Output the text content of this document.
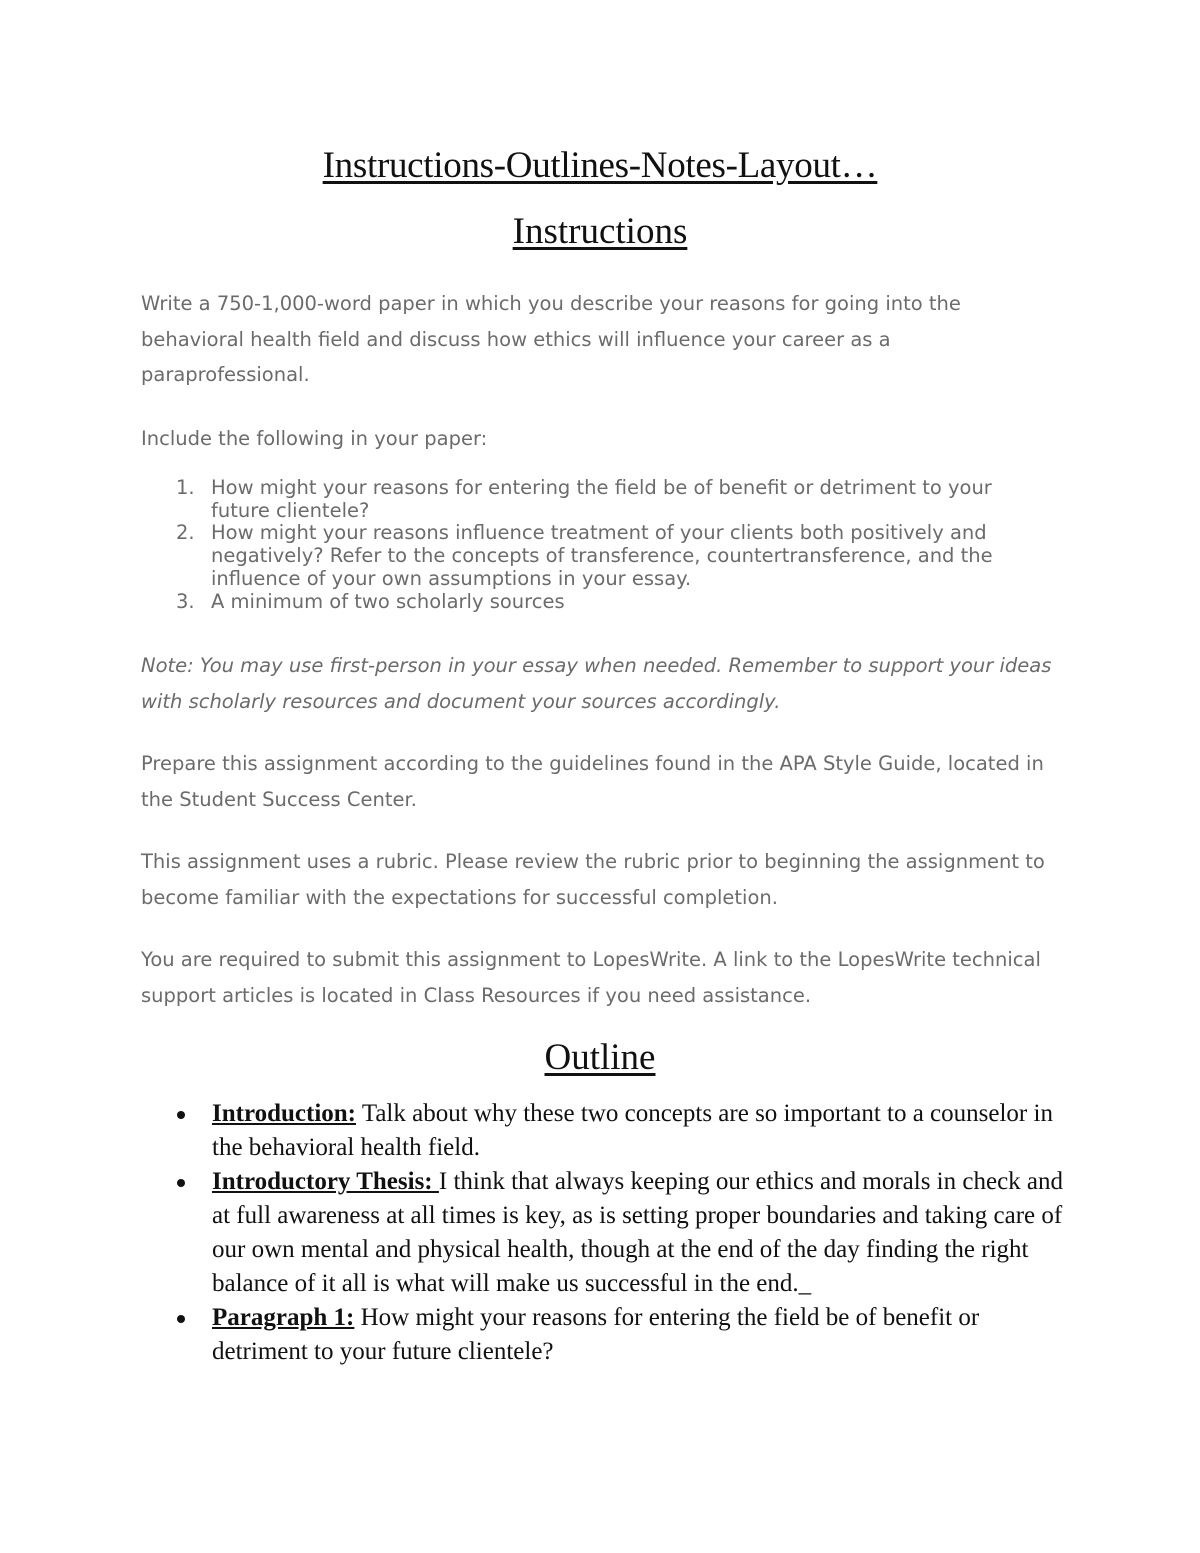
Instructions-Outlines-Notes-Layout…
Instructions

Write a 750-1,000-word paper in which you describe your reasons for going into the behavioral health field and discuss how ethics will influence your career as a paraprofessional.

Include the following in your paper:

1. How might your reasons for entering the field be of benefit or detriment to your future clientele?
2. How might your reasons influence treatment of your clients both positively and negatively? Refer to the concepts of transference, countertransference, and the influence of your own assumptions in your essay.
3. A minimum of two scholarly sources

Note: You may use first-person in your essay when needed. Remember to support your ideas with scholarly resources and document your sources accordingly.

Prepare this assignment according to the guidelines found in the APA Style Guide, located in the Student Success Center.

This assignment uses a rubric. Please review the rubric prior to beginning the assignment to become familiar with the expectations for successful completion.

You are required to submit this assignment to LopesWrite. A link to the LopesWrite technical support articles is located in Class Resources if you need assistance.

Outline
Introduction: Talk about why these two concepts are so important to a counselor in the behavioral health field.
Introductory Thesis: I think that always keeping our ethics and morals in check and at full awareness at all times is key, as is setting proper boundaries and taking care of our own mental and physical health, though at the end of the day finding the right balance of it all is what will make us successful in the end._
Paragraph 1: How might your reasons for entering the field be of benefit or detriment to your future clientele?
